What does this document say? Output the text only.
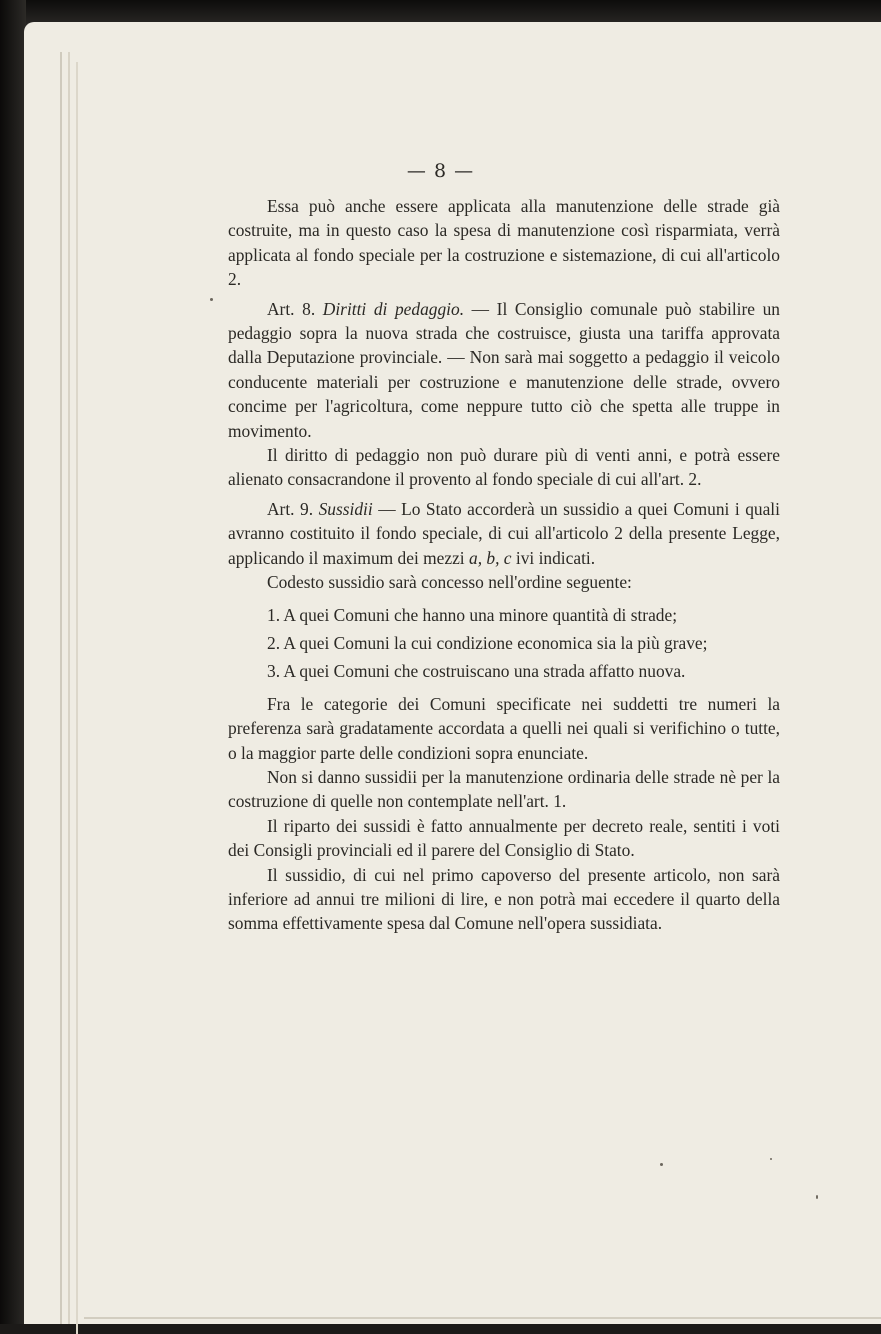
— 8 —

Essa può anche essere applicata alla manutenzione delle strade già costruite, ma in questo caso la spesa di manutenzione così risparmiata, verrà applicata al fondo speciale per la costruzione e sistemazione, di cui all'articolo 2.

Art. 8. Diritti di pedaggio. — Il Consiglio comunale può stabilire un pedaggio sopra la nuova strada che costruisce, giusta una tariffa approvata dalla Deputazione provinciale. — Non sarà mai soggetto a pedaggio il veicolo conducente materiali per costruzione e manutenzione delle strade, ovvero concime per l'agricoltura, come neppure tutto ciò che spetta alle truppe in movimento.

Il diritto di pedaggio non può durare più di venti anni, e potrà essere alienato consacrandone il provento al fondo speciale di cui all'art. 2.

Art. 9. Sussidii — Lo Stato accorderà un sussidio a quei Comuni i quali avranno costituito il fondo speciale, di cui all'articolo 2 della presente Legge, applicando il maximum dei mezzi a, b, c ivi indicati.

Codesto sussidio sarà concesso nell'ordine seguente:

1. A quei Comuni che hanno una minore quantità di strade;

2. A quei Comuni la cui condizione economica sia la più grave;

3. A quei Comuni che costruiscano una strada affatto nuova.

Fra le categorie dei Comuni specificate nei suddetti tre numeri la preferenza sarà gradatamente accordata a quelli nei quali si verifichino o tutte, o la maggior parte delle condizioni sopra enunciate.

Non si danno sussidii per la manutenzione ordinaria delle strade nè per la costruzione di quelle non contemplate nell'art. 1.

Il riparto dei sussidi è fatto annualmente per decreto reale, sentiti i voti dei Consigli provinciali ed il parere del Consiglio di Stato.

Il sussidio, di cui nel primo capoverso del presente articolo, non sarà inferiore ad annui tre milioni di lire, e non potrà mai eccedere il quarto della somma effettivamente spesa dal Comune nell'opera sussidiata.
